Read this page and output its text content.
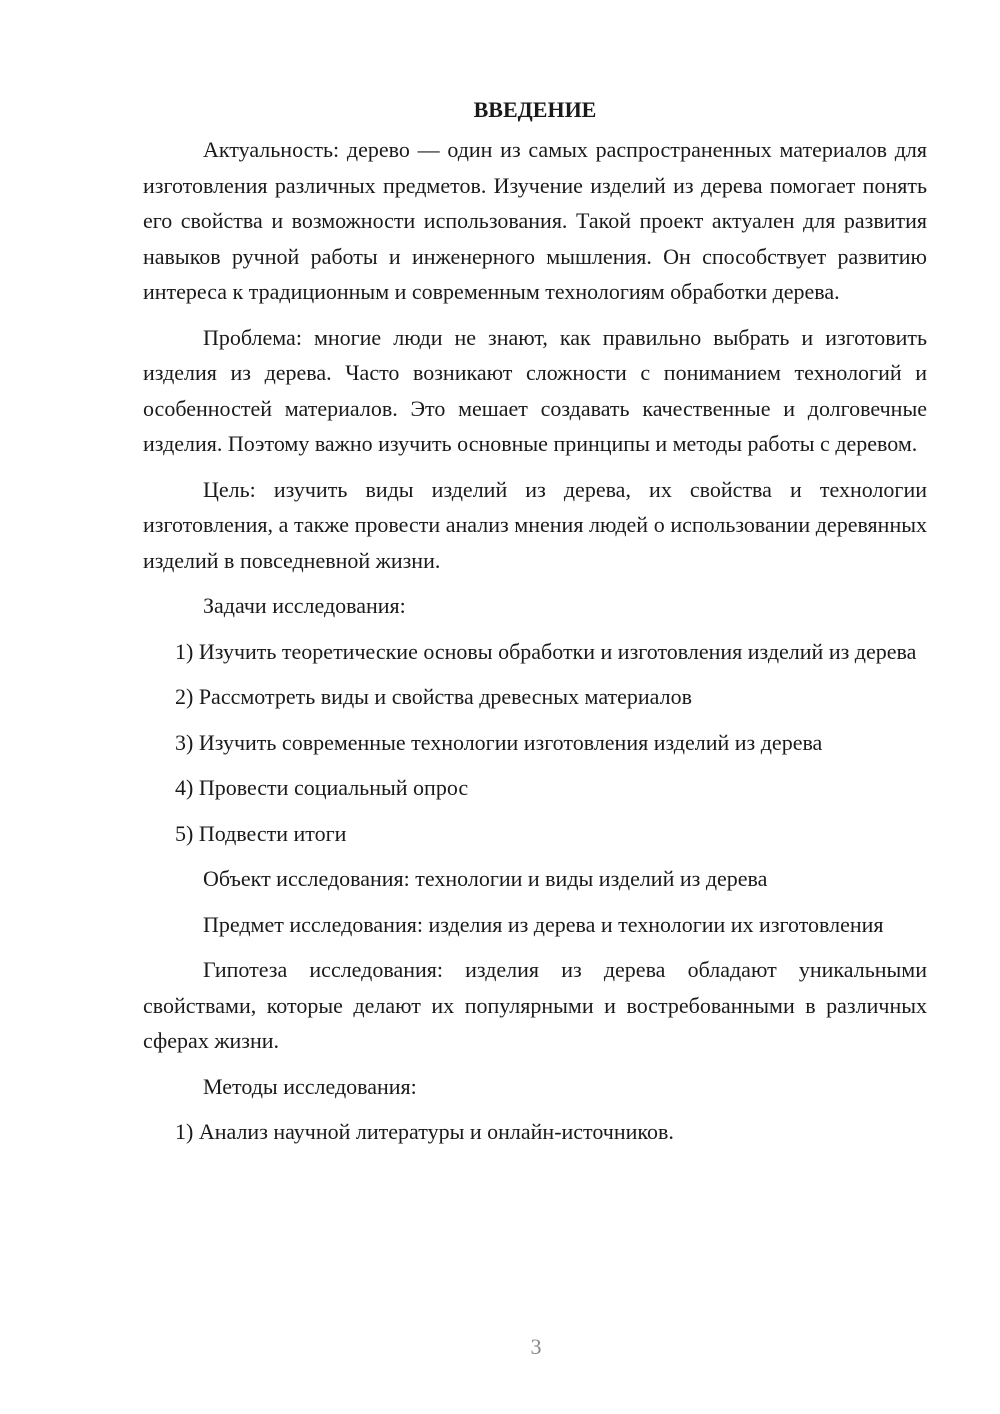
ВВЕДЕНИЕ

Актуальность: дерево — один из самых распространенных материалов для изготовления различных предметов. Изучение изделий из дерева помогает понять его свойства и возможности использования. Такой проект актуален для развития навыков ручной работы и инженерного мышления. Он способствует развитию интереса к традиционным и современным технологиям обработки дерева.

Проблема: многие люди не знают, как правильно выбрать и изготовить изделия из дерева. Часто возникают сложности с пониманием технологий и особенностей материалов. Это мешает создавать качественные и долговечные изделия. Поэтому важно изучить основные принципы и методы работы с деревом.

Цель: изучить виды изделий из дерева, их свойства и технологии изготовления, а также провести анализ мнения людей о использовании деревянных изделий в повседневной жизни.

Задачи исследования:

1) Изучить теоретические основы обработки и изготовления изделий из дерева

2) Рассмотреть виды и свойства древесных материалов

3) Изучить современные технологии изготовления изделий из дерева

4) Провести социальный опрос

5) Подвести итоги

Объект исследования: технологии и виды изделий из дерева

Предмет исследования: изделия из дерева и технологии их изготовления

Гипотеза исследования: изделия из дерева обладают уникальными свойствами, которые делают их популярными и востребованными в различных сферах жизни.

Методы исследования:

1) Анализ научной литературы и онлайн-источников.

3
